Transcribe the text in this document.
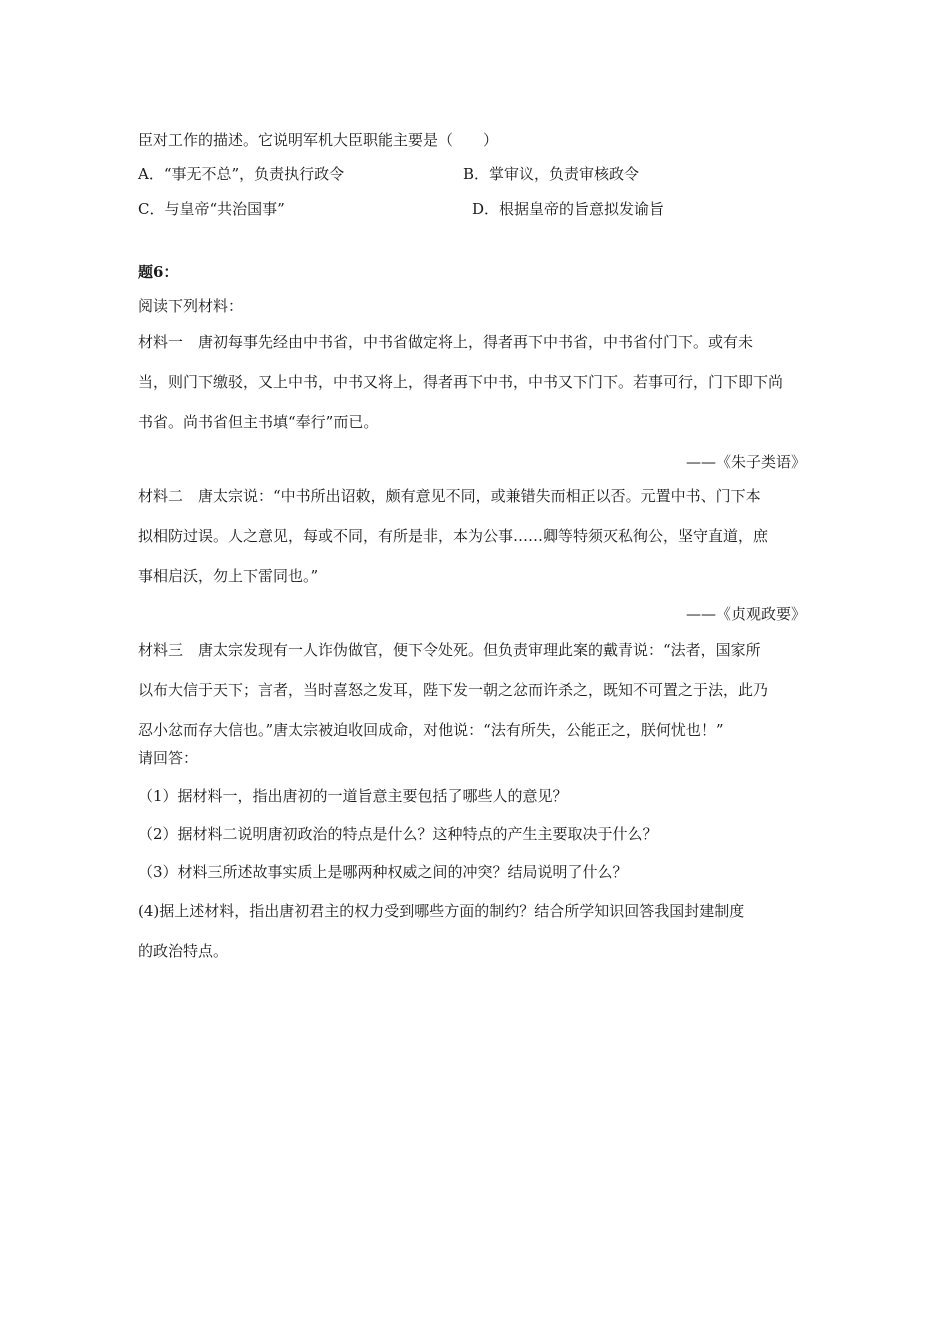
臣对工作的描述。它说明军机大臣职能主要是（　　）
A．“事无不总”，负责执行政令	B．掌审议，负责审核政令
C．与皇帝“共治国事”	D．根据皇帝的旨意拟发谕旨
题6：
阅读下列材料：
材料一　唐初每事先经由中书省，中书省做定将上，得者再下中书省，中书省付门下。或有未
当，则门下缴驳，又上中书，中书又将上，得者再下中书，中书又下门下。若事可行，门下即下尚
书省。尚书省但主书填“奉行”而已。
——《朱子类语》
材料二　唐太宗说：“中书所出诏敕，颇有意见不同，或兼错失而相正以否。元置中书、门下本
拟相防过误。人之意见，每或不同，有所是非，本为公事……卿等特须灭私徇公，坚守直道，庶
事相启沃，勿上下雷同也。”
——《贞观政要》
材料三　唐太宗发现有一人诈伪做官，便下令处死。但负责审理此案的戴青说：“法者，国家所
以布大信于天下；言者，当时喜怒之发耳，陛下发一朝之忿而许杀之，既知不可置之于法，此乃
忍小忿而存大信也。”唐太宗被迫收回成命，对他说：“法有所失，公能正之，朕何忧也！”
请回答：
（1）据材料一，指出唐初的一道旨意主要包括了哪些人的意见？
（2）据材料二说明唐初政治的特点是什么？这种特点的产生主要取决于什么？
（3）材料三所述故事实质上是哪两种权威之间的冲突？结局说明了什么？
(4)据上述材料，指出唐初君主的权力受到哪些方面的制约？结合所学知识回答我国封建制度
的政治特点。
